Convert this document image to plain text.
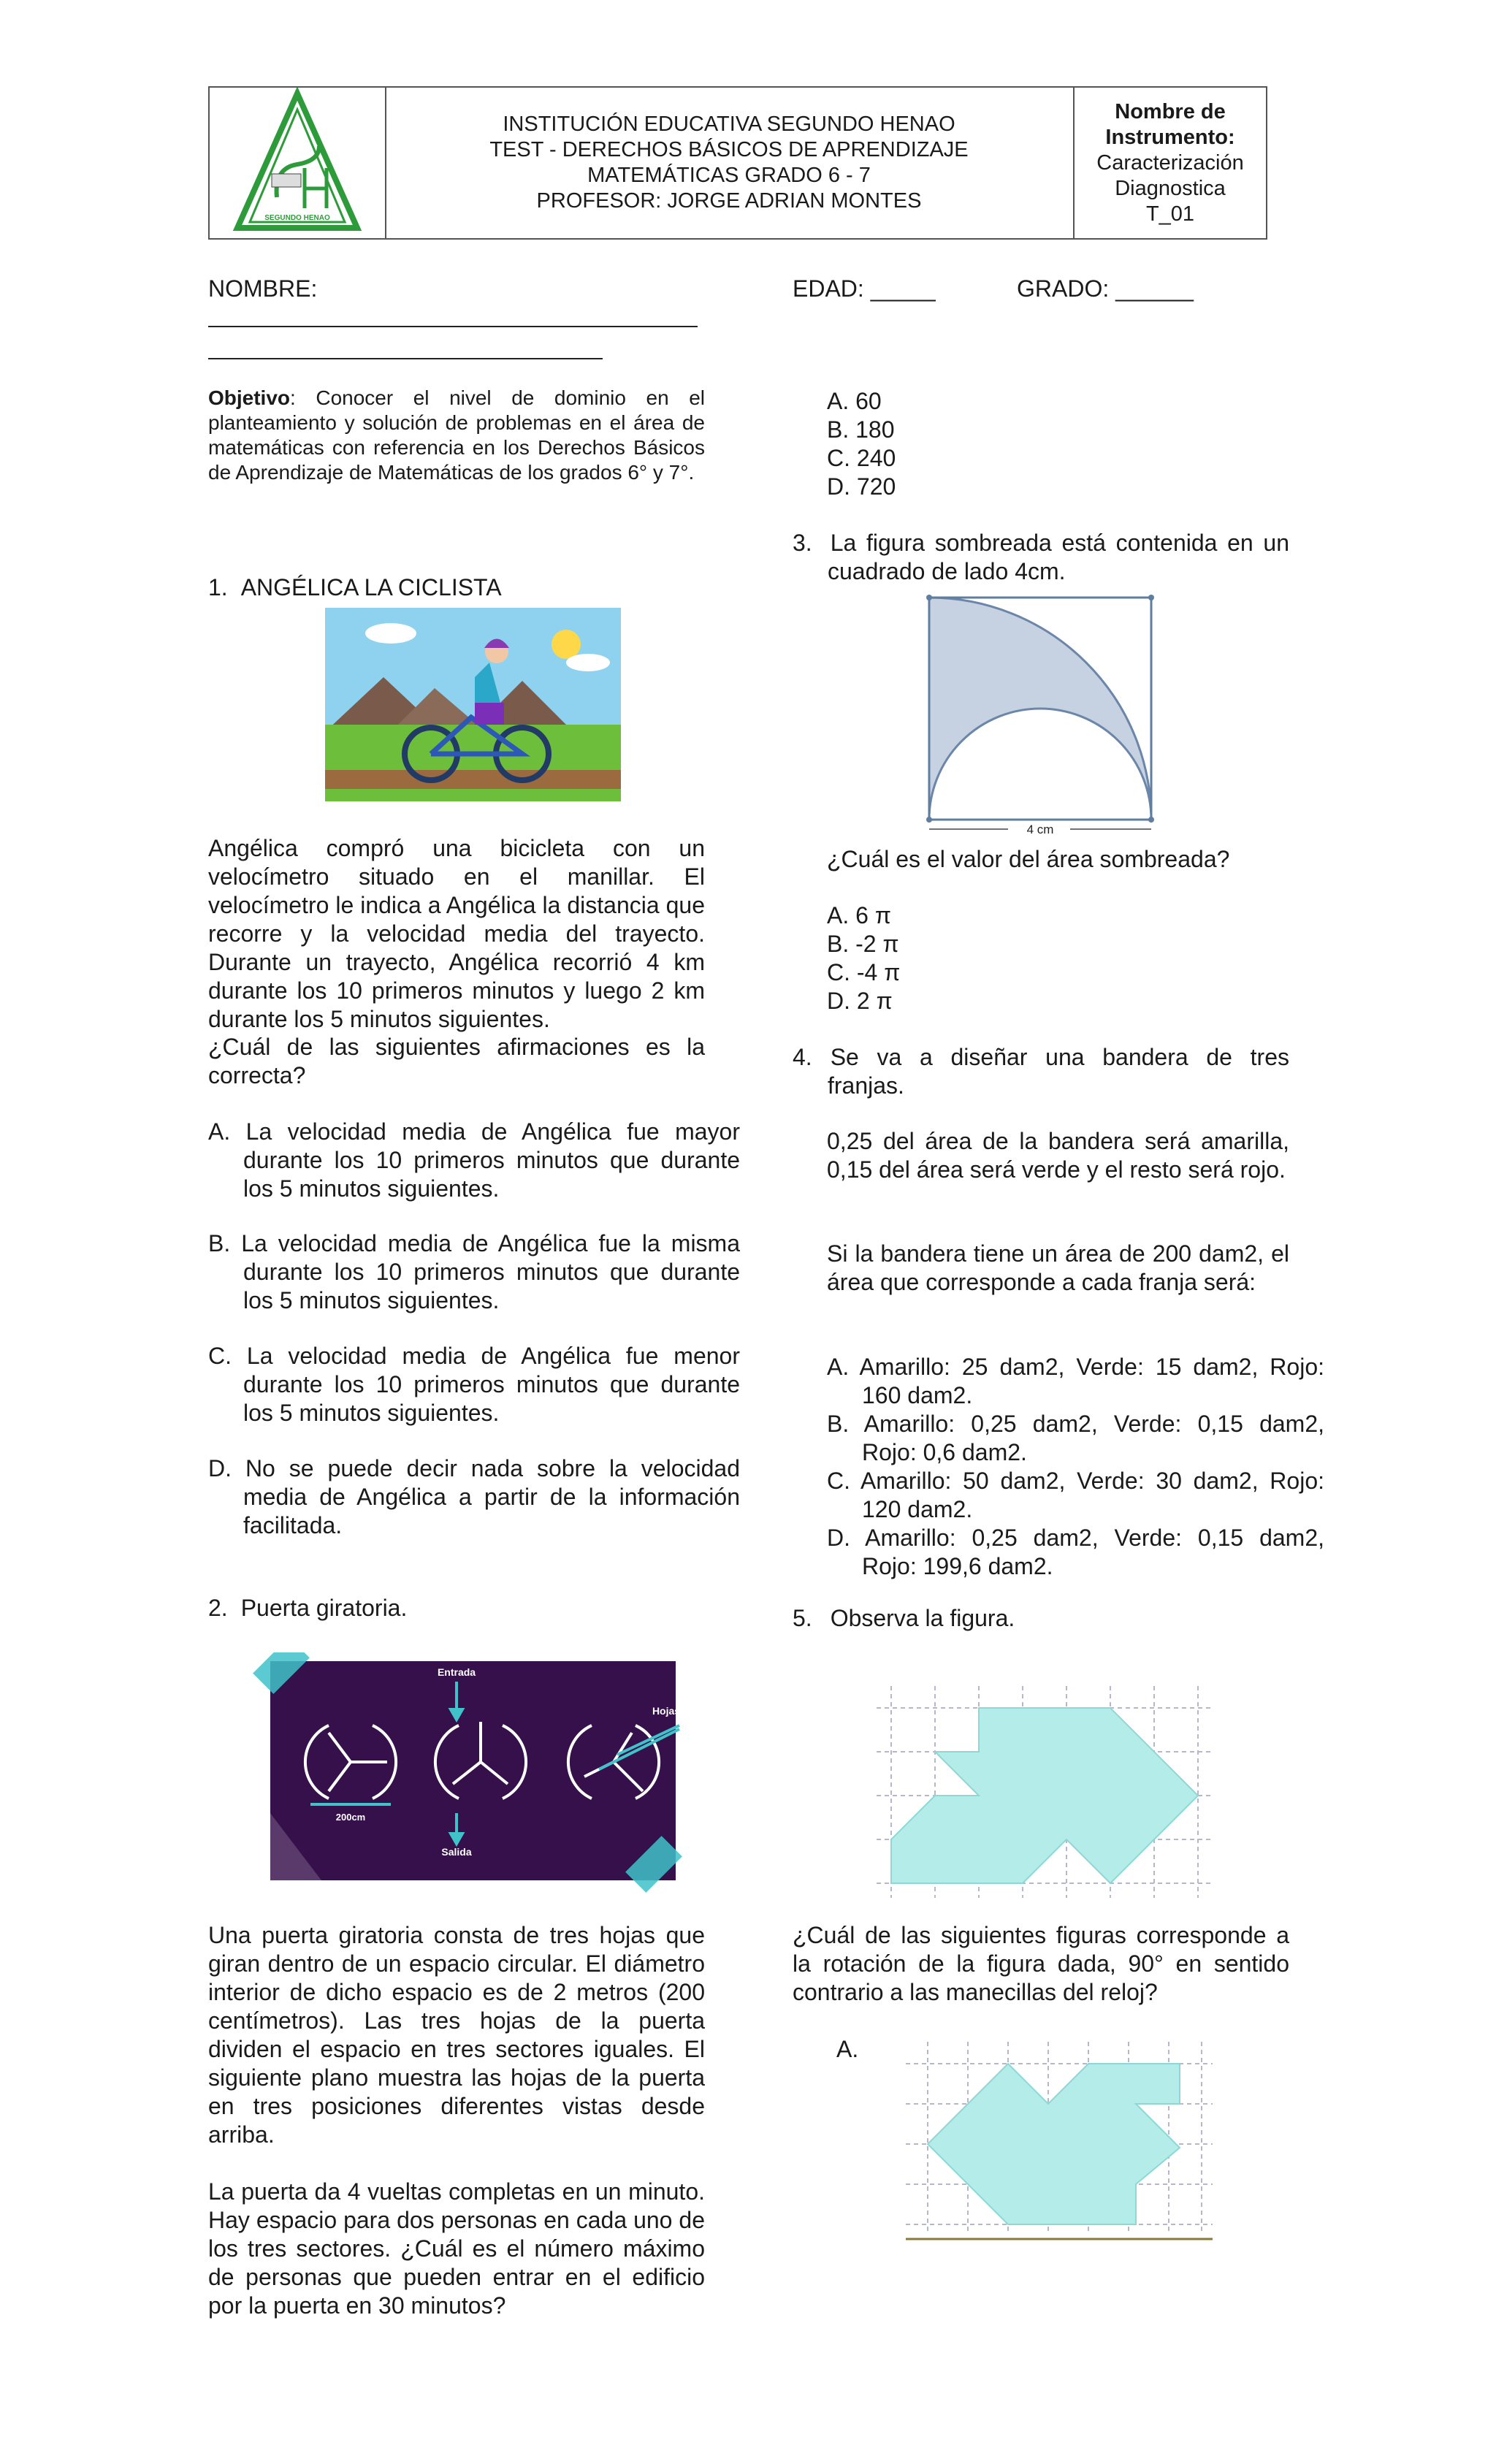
SEGUNDO HENAO
INSTITUCIÓN EDUCATIVA SEGUNDO HENAO
TEST - DERECHOS BÁSICOS DE APRENDIZAJE
MATEMÁTICAS GRADO 6 - 7
PROFESOR: JORGE ADRIAN MONTES
Nombre de
Instrumento:
Caracterización
Diagnostica
T_01
NOMBRE:	EDAD: _____	GRADO: ______
Objetivo: Conocer el nivel de dominio en el planteamiento y solución de problemas en el área de matemáticas con referencia en los Derechos Básicos de Aprendizaje de Matemáticas de los grados 6° y 7°.
1. ANGÉLICA LA CICLISTA
Angélica compró una bicicleta con un velocímetro situado en el manillar. El velocímetro le indica a Angélica la distancia que recorre y la velocidad media del trayecto. Durante un trayecto, Angélica recorrió 4 km durante los 10 primeros minutos y luego 2 km durante los 5 minutos siguientes.
¿Cuál de las siguientes afirmaciones es la correcta?
A. La velocidad media de Angélica fue mayor durante los 10 primeros minutos que durante los 5 minutos siguientes.
B. La velocidad media de Angélica fue la misma durante los 10 primeros minutos que durante los 5 minutos siguientes.
C. La velocidad media de Angélica fue menor durante los 10 primeros minutos que durante los 5 minutos siguientes.
D. No se puede decir nada sobre la velocidad media de Angélica a partir de la información facilitada.
2. Puerta giratoria.
Entrada
Salida
Hojas
200cm
Una puerta giratoria consta de tres hojas que giran dentro de un espacio circular. El diámetro interior de dicho espacio es de 2 metros (200 centímetros). Las tres hojas de la puerta dividen el espacio en tres sectores iguales. El siguiente plano muestra las hojas de la puerta en tres posiciones diferentes vistas desde arriba.
La puerta da 4 vueltas completas en un minuto. Hay espacio para dos personas en cada uno de los tres sectores. ¿Cuál es el número máximo de personas que pueden entrar en el edificio por la puerta en 30 minutos?
A. 60
B. 180
C. 240
D. 720
3. La figura sombreada está contenida en un cuadrado de lado 4cm.
4 cm
¿Cuál es el valor del área sombreada?
A. 6 π
B. -2 π
C. -4 π
D. 2 π
4. Se va a diseñar una bandera de tres franjas.
0,25 del área de la bandera será amarilla, 0,15 del área será verde y el resto será rojo.
Si la bandera tiene un área de 200 dam2, el área que corresponde a cada franja será:
A. Amarillo: 25 dam2, Verde: 15 dam2, Rojo: 160 dam2.
B. Amarillo: 0,25 dam2, Verde: 0,15 dam2, Rojo: 0,6 dam2.
C. Amarillo: 50 dam2, Verde: 30 dam2, Rojo: 120 dam2.
D. Amarillo: 0,25 dam2, Verde: 0,15 dam2, Rojo: 199,6 dam2.
5. Observa la figura.
¿Cuál de las siguientes figuras corresponde a la rotación de la figura dada, 90° en sentido contrario a las manecillas del reloj?
A.
